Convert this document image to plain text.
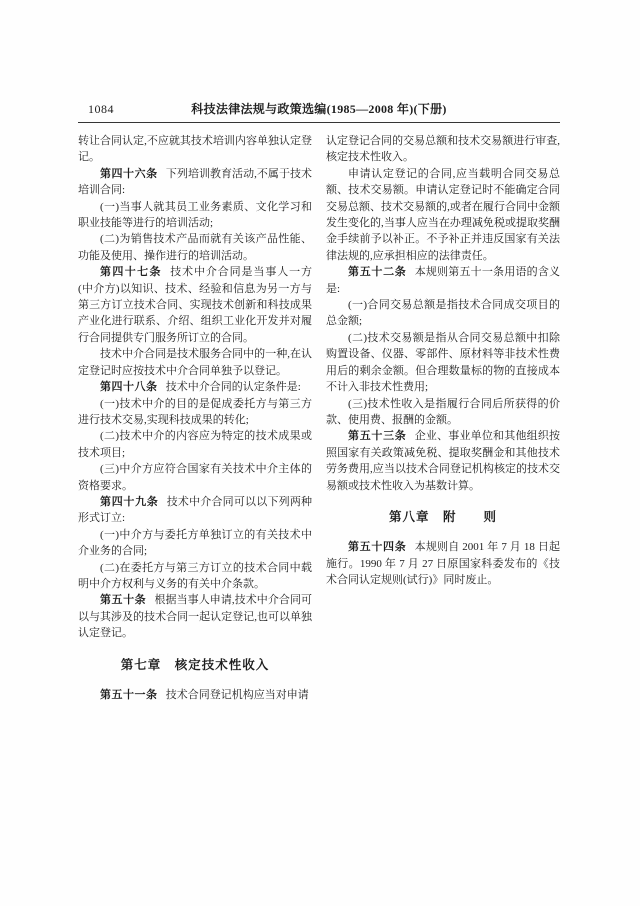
1084	科技法律法规与政策选编(1985—2008 年)(下册)

转让合同认定,不应就其技术培训内容单独认定登记。

第四十六条 下列培训教育活动,不属于技术培训合同:

(一)当事人就其员工业务素质、文化学习和职业技能等进行的培训活动;

(二)为销售技术产品而就有关该产品性能、功能及使用、操作进行的培训活动。

第四十七条 技术中介合同是当事人一方(中介方)以知识、技术、经验和信息为另一方与第三方订立技术合同、实现技术创新和科技成果产业化进行联系、介绍、组织工业化开发并对履行合同提供专门服务所订立的合同。

技术中介合同是技术服务合同中的一种,在认定登记时应按技术中介合同单独予以登记。

第四十八条 技术中介合同的认定条件是:

(一)技术中介的目的是促成委托方与第三方进行技术交易,实现科技成果的转化;

(二)技术中介的内容应为特定的技术成果或技术项目;

(三)中介方应符合国家有关技术中介主体的资格要求。

第四十九条 技术中介合同可以以下列两种形式订立:

(一)中介方与委托方单独订立的有关技术中介业务的合同;

(二)在委托方与第三方订立的技术合同中载明中介方权利与义务的有关中介条款。

第五十条 根据当事人申请,技术中介合同可以与其涉及的技术合同一起认定登记,也可以单独认定登记。

第七章　核定技术性收入

第五十一条 技术合同登记机构应当对申请

认定登记合同的交易总额和技术交易额进行审查,核定技术性收入。

申请认定登记的合同,应当载明合同交易总额、技术交易额。申请认定登记时不能确定合同交易总额、技术交易额的,或者在履行合同中金额发生变化的,当事人应当在办理减免税或提取奖酬金手续前予以补正。不予补正并违反国家有关法律法规的,应承担相应的法律责任。

第五十二条 本规则第五十一条用语的含义是:

(一)合同交易总额是指技术合同成交项目的总金额;

(二)技术交易额是指从合同交易总额中扣除购置设备、仪器、零部件、原材料等非技术性费用后的剩余金额。但合理数量标的物的直接成本不计入非技术性费用;

(三)技术性收入是指履行合同后所获得的价款、使用费、报酬的金额。

第五十三条 企业、事业单位和其他组织按照国家有关政策减免税、提取奖酬金和其他技术劳务费用,应当以技术合同登记机构核定的技术交易额或技术性收入为基数计算。

第八章　附　　则

第五十四条 本规则自 2001 年 7 月 18 日起施行。1990 年 7 月 27 日原国家科委发布的《技术合同认定规则(试行)》同时废止。
